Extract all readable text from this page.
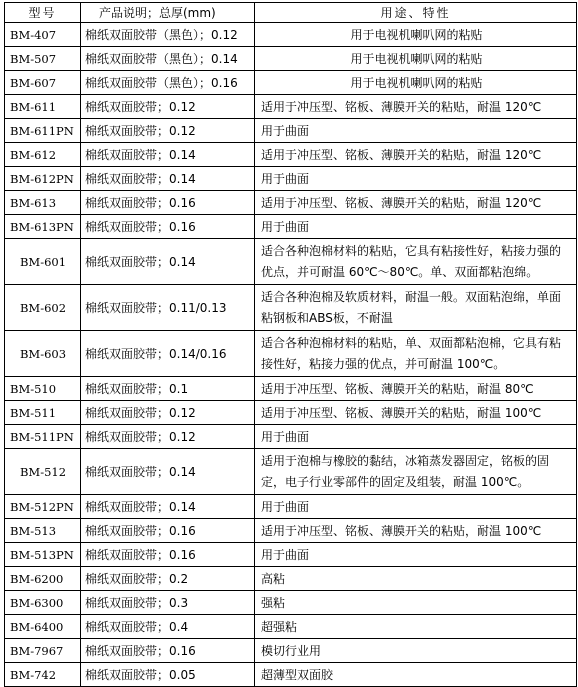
型号	产品说明；总厚(mm)	用途、特性
BM-407	棉纸双面胶带（黑色）；0.12	用于电视机喇叭网的粘贴
BM-507	棉纸双面胶带（黑色）；0.14	用于电视机喇叭网的粘贴
BM-607	棉纸双面胶带（黑色）；0.16	用于电视机喇叭网的粘贴
BM-611	棉纸双面胶带；0.12	适用于冲压型、铭板、薄膜开关的粘贴，耐温 120℃
BM-611PN	棉纸双面胶带；0.12	用于曲面
BM-612	棉纸双面胶带；0.14	适用于冲压型、铭板、薄膜开关的粘贴，耐温 120℃
BM-612PN	棉纸双面胶带；0.14	用于曲面
BM-613	棉纸双面胶带；0.16	适用于冲压型、铭板、薄膜开关的粘贴，耐温 120℃
BM-613PN	棉纸双面胶带；0.16	用于曲面
BM-601	棉纸双面胶带；0.14	适合各种泡棉材料的粘贴，它具有粘接性好，粘接力强的优点，并可耐温 60℃～80℃。单、双面都粘泡绵。
BM-602	棉纸双面胶带；0.11/0.13	适合各种泡棉及软质材料，耐温一般。双面粘泡绵，单面粘钢板和ABS板，不耐温
BM-603	棉纸双面胶带；0.14/0.16	适合各种泡棉材料的粘贴，单、双面都粘泡棉，它具有粘接性好，粘接力强的优点，并可耐温 100℃。
BM-510	棉纸双面胶带；0.1	适用于冲压型、铭板、薄膜开关的粘贴，耐温 80℃
BM-511	棉纸双面胶带；0.12	适用于冲压型、铭板、薄膜开关的粘贴，耐温 100℃
BM-511PN	棉纸双面胶带；0.12	用于曲面
BM-512	棉纸双面胶带；0.14	适用于泡棉与橡胶的黏结，冰箱蒸发器固定，铭板的固定，电子行业零部件的固定及组装，耐温 100℃。
BM-512PN	棉纸双面胶带；0.14	用于曲面
BM-513	棉纸双面胶带；0.16	适用于冲压型、铭板、薄膜开关的粘贴，耐温 100℃
BM-513PN	棉纸双面胶带；0.16	用于曲面
BM-6200	棉纸双面胶带；0.2	高粘
BM-6300	棉纸双面胶带；0.3	强粘
BM-6400	棉纸双面胶带；0.4	超强粘
BM-7967	棉纸双面胶带；0.16	模切行业用
BM-742	棉纸双面胶带；0.05	超薄型双面胶
